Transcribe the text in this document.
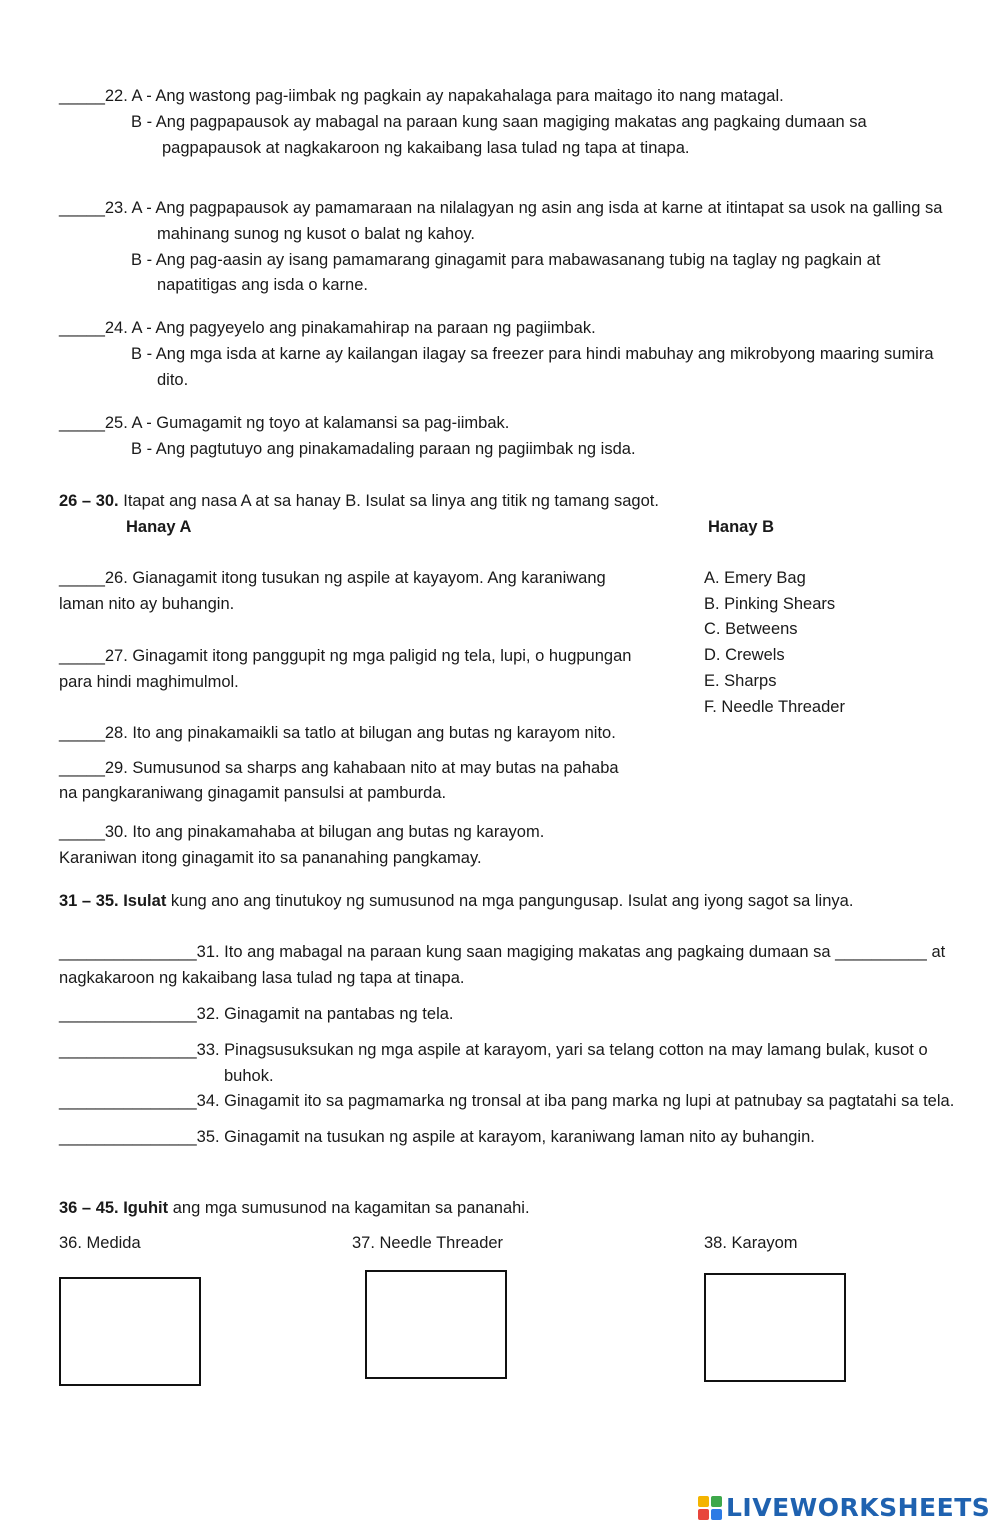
_____22. A - Ang wastong pag-iimbak ng pagkain ay napakahalaga para maitago ito nang matagal.
B - Ang pagpapausok ay mabagal na paraan kung saan magiging makatas ang pagkaing dumaan sa
pagpapausok at nagkakaroon ng kakaibang lasa tulad ng tapa at tinapa.
_____23. A - Ang pagpapausok ay pamamaraan na nilalagyan ng asin ang isda at karne at itintapat sa usok na galling sa
mahinang sunog ng kusot o balat ng kahoy.
B - Ang pag-aasin ay isang pamamarang ginagamit para mabawasanang tubig na taglay ng pagkain at
napatitigas ang isda o karne.
_____24. A - Ang pagyeyelo ang pinakamahirap na paraan ng pagiimbak.
B - Ang mga isda at karne ay kailangan ilagay sa freezer para hindi mabuhay ang mikrobyong maaring sumira
dito.
_____25. A - Gumagamit ng toyo at kalamansi sa pag-iimbak.
B - Ang pagtutuyo ang pinakamadaling paraan ng pagiimbak ng isda.
26 – 30. Itapat ang nasa A at sa hanay B. Isulat sa linya ang titik ng tamang sagot.
Hanay A	Hanay B
_____26. Gianagamit itong tusukan ng aspile at kayayom. Ang karaniwang
laman nito ay buhangin.
_____27. Ginagamit itong panggupit ng mga paligid ng tela, lupi, o hugpungan
para hindi maghimulmol.
_____28. Ito ang pinakamaikli sa tatlo at bilugan ang butas ng karayom nito.
_____29. Sumusunod sa sharps ang kahabaan nito at may butas na pahaba
na pangkaraniwang ginagamit pansulsi at pamburda.
_____30. Ito ang pinakamahaba at bilugan ang butas ng karayom.
Karaniwan itong ginagamit ito sa pananahing pangkamay.
A. Emery Bag
B. Pinking Shears
C. Betweens
D. Crewels
E. Sharps
F. Needle Threader
31 – 35. Isulat kung ano ang tinutukoy ng sumusunod na mga pangungusap. Isulat ang iyong sagot sa linya.
_______________31. Ito ang mabagal na paraan kung saan magiging makatas ang pagkaing dumaan sa __________ at
nagkakaroon ng kakaibang lasa tulad ng tapa at tinapa.
_______________32. Ginagamit na pantabas ng tela.
_______________33. Pinagsusuksukan ng mga aspile at karayom, yari sa telang cotton na may lamang bulak, kusot o
buhok.
_______________34. Ginagamit ito sa pagmamarka ng tronsal at iba pang marka ng lupi at patnubay sa pagtatahi sa tela.
_______________35. Ginagamit na tusukan ng aspile at karayom, karaniwang laman nito ay buhangin.
36 – 45. Iguhit ang mga sumusunod na kagamitan sa pananahi.
36. Medida	37. Needle Threader	38. Karayom
LIVEWORKSHEETS
